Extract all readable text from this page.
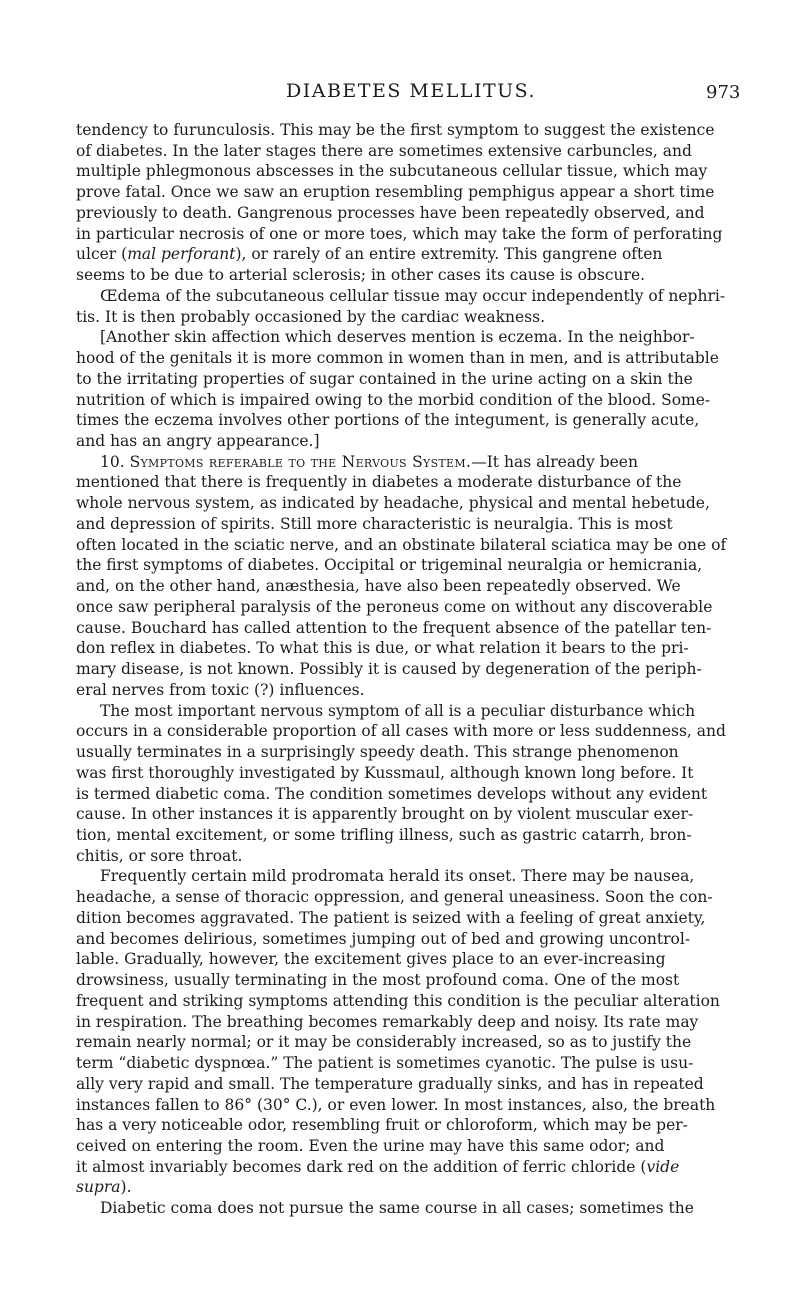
DIABETES MELLITUS.	973
tendency to furunculosis. This may be the first symptom to suggest the existence
of diabetes. In the later stages there are sometimes extensive carbuncles, and
multiple phlegmonous abscesses in the subcutaneous cellular tissue, which may
prove fatal. Once we saw an eruption resembling pemphigus appear a short time
previously to death. Gangrenous processes have been repeatedly observed, and
in particular necrosis of one or more toes, which may take the form of perforating
ulcer (mal perforant), or rarely of an entire extremity. This gangrene often
seems to be due to arterial sclerosis; in other cases its cause is obscure.
Œdema of the subcutaneous cellular tissue may occur independently of nephri-
tis. It is then probably occasioned by the cardiac weakness.
[Another skin affection which deserves mention is eczema. In the neighbor-
hood of the genitals it is more common in women than in men, and is attributable
to the irritating properties of sugar contained in the urine acting on a skin the
nutrition of which is impaired owing to the morbid condition of the blood. Some-
times the eczema involves other portions of the integument, is generally acute,
and has an angry appearance.]
10. Symptoms referable to the Nervous System.—It has already been
mentioned that there is frequently in diabetes a moderate disturbance of the
whole nervous system, as indicated by headache, physical and mental hebetude,
and depression of spirits. Still more characteristic is neuralgia. This is most
often located in the sciatic nerve, and an obstinate bilateral sciatica may be one of
the first symptoms of diabetes. Occipital or trigeminal neuralgia or hemicrania,
and, on the other hand, anæsthesia, have also been repeatedly observed. We
once saw peripheral paralysis of the peroneus come on without any discoverable
cause. Bouchard has called attention to the frequent absence of the patellar ten-
don reflex in diabetes. To what this is due, or what relation it bears to the pri-
mary disease, is not known. Possibly it is caused by degeneration of the periph-
eral nerves from toxic (?) influences.
The most important nervous symptom of all is a peculiar disturbance which
occurs in a considerable proportion of all cases with more or less suddenness, and
usually terminates in a surprisingly speedy death. This strange phenomenon
was first thoroughly investigated by Kussmaul, although known long before. It
is termed diabetic coma. The condition sometimes develops without any evident
cause. In other instances it is apparently brought on by violent muscular exer-
tion, mental excitement, or some trifling illness, such as gastric catarrh, bron-
chitis, or sore throat.
Frequently certain mild prodromata herald its onset. There may be nausea,
headache, a sense of thoracic oppression, and general uneasiness. Soon the con-
dition becomes aggravated. The patient is seized with a feeling of great anxiety,
and becomes delirious, sometimes jumping out of bed and growing uncontrol-
lable. Gradually, however, the excitement gives place to an ever-increasing
drowsiness, usually terminating in the most profound coma. One of the most
frequent and striking symptoms attending this condition is the peculiar alteration
in respiration. The breathing becomes remarkably deep and noisy. Its rate may
remain nearly normal; or it may be considerably increased, so as to justify the
term “diabetic dyspnœa.” The patient is sometimes cyanotic. The pulse is usu-
ally very rapid and small. The temperature gradually sinks, and has in repeated
instances fallen to 86° (30° C.), or even lower. In most instances, also, the breath
has a very noticeable odor, resembling fruit or chloroform, which may be per-
ceived on entering the room. Even the urine may have this same odor; and
it almost invariably becomes dark red on the addition of ferric chloride (vide
supra).
Diabetic coma does not pursue the same course in all cases; sometimes the
